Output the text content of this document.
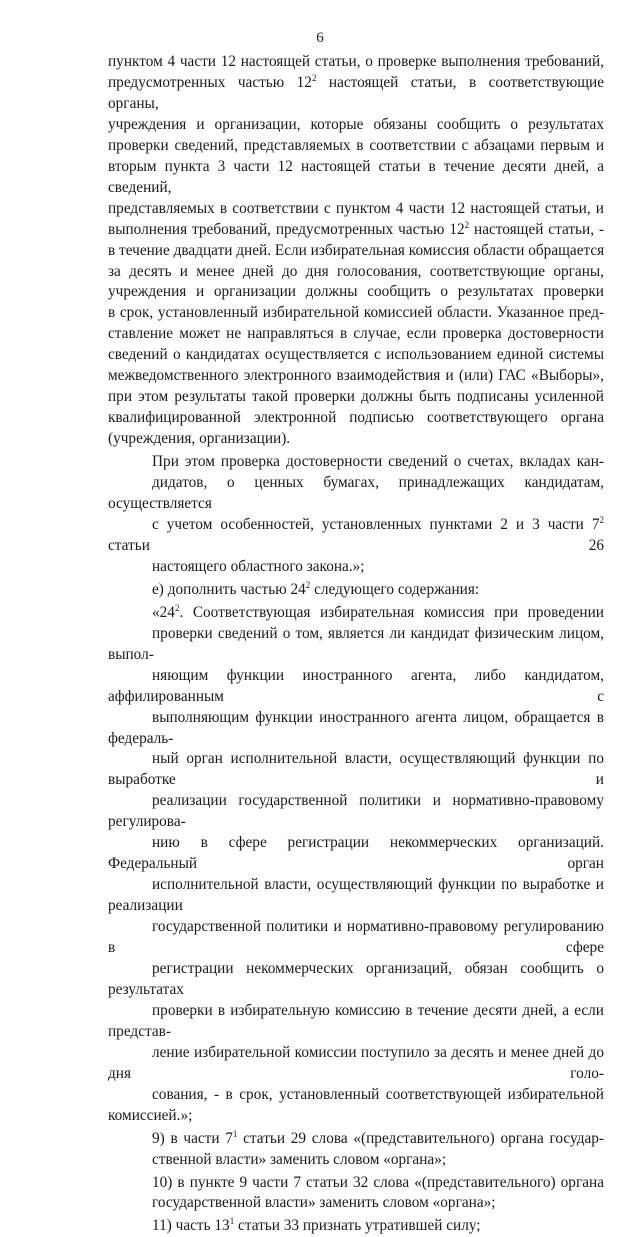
6
пунктом 4 части 12 настоящей статьи, о проверке выполнения требований,
предусмотренных частью $12^2$ настоящей статьи, в соответствующие органы,
учреждения и организации, которые обязаны сообщить о результатах
проверки сведений, представляемых в соответствии с абзацами первым и
вторым пункта 3 части 12 настоящей статьи в течение десяти дней, а сведений,
представляемых в соответствии с пунктом 4 части 12 настоящей статьи, и
выполнения требований, предусмотренных частью $12^2$ настоящей статьи, -
в течение двадцати дней. Если избирательная комиссия области обращается
за десять и менее дней до дня голосования, соответствующие органы,
учреждения и организации должны сообщить о результатах проверки
в срок, установленный избирательной комиссией области. Указанное пред-
ставление может не направляться в случае, если проверка достоверности
сведений о кандидатах осуществляется с использованием единой системы
межведомственного электронного взаимодействия и (или) ГАС «Выборы»,
при этом результаты такой проверки должны быть подписаны усиленной
квалифицированной электронной подписью соответствующего органа
(учреждения, организации).
При этом проверка достоверности сведений о счетах, вкладах кан-
дидатов, о ценных бумагах, принадлежащих кандидатам, осуществляется
с учетом особенностей, установленных пунктами 2 и 3 части $7^2$ статьи 26
настоящего областного закона.»;
е) дополнить частью $24^2$ следующего содержания:
«$24^2$. Соответствующая избирательная комиссия при проведении
проверки сведений о том, является ли кандидат физическим лицом, выпол-
няющим функции иностранного агента, либо кандидатом, аффилированным с
выполняющим функции иностранного агента лицом, обращается в федераль-
ный орган исполнительной власти, осуществляющий функции по выработке и
реализации государственной политики и нормативно-правовому регулирова-
нию в сфере регистрации некоммерческих организаций. Федеральный орган
исполнительной власти, осуществляющий функции по выработке и реализации
государственной политики и нормативно-правовому регулированию в сфере
регистрации некоммерческих организаций, обязан сообщить о результатах
проверки в избирательную комиссию в течение десяти дней, а если представ-
ление избирательной комиссии поступило за десять и менее дней до дня голо-
сования, - в срок, установленный соответствующей избирательной комиссией.»;
9) в части $7^1$ статьи 29 слова «(представительного) органа государ-
ственной власти» заменить словом «органа»;
10) в пункте 9 части 7 статьи 32 слова «(представительного) органа
государственной власти» заменить словом «органа»;
11) часть $13^1$ статьи 33 признать утратившей силу;
